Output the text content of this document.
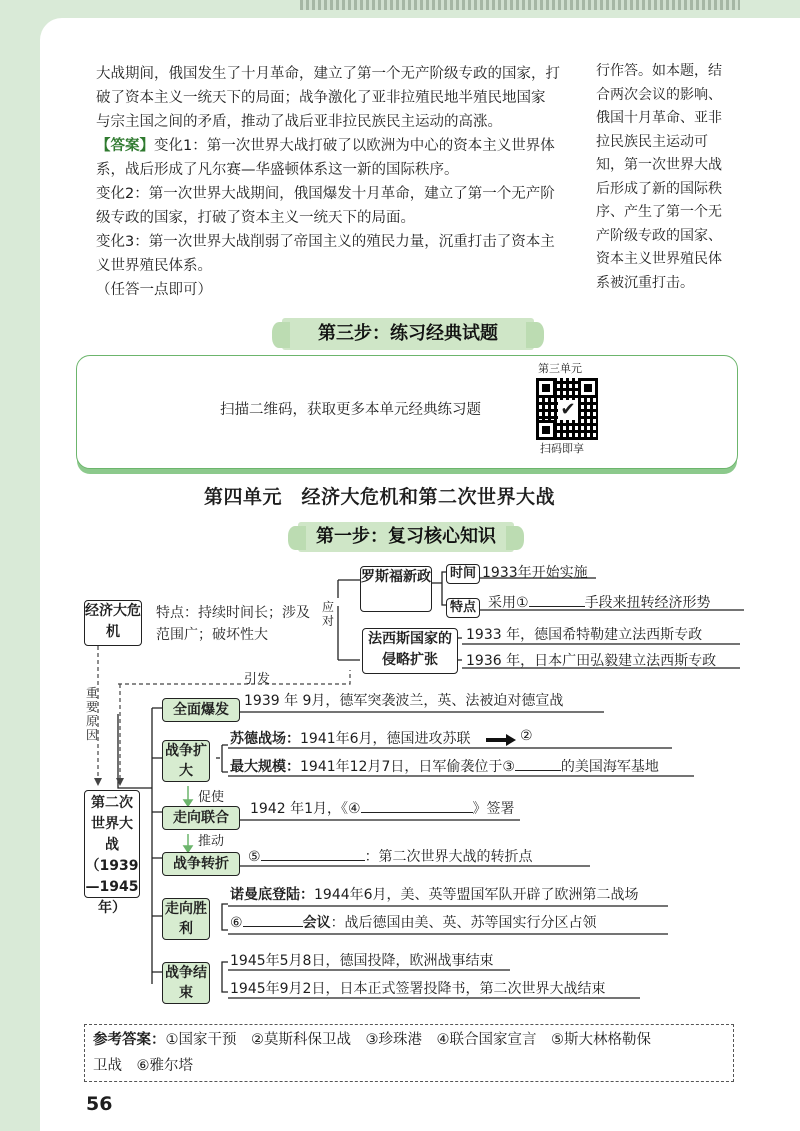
大战期间，俄国发生了十月革命，建立了第一个无产阶级专政的国家，打
破了资本主义一统天下的局面；战争激化了亚非拉殖民地半殖民地国家
与宗主国之间的矛盾，推动了战后亚非拉民族民主运动的高涨。
【答案】变化1：第一次世界大战打破了以欧洲为中心的资本主义世界体
系，战后形成了凡尔赛—华盛顿体系这一新的国际秩序。
变化2：第一次世界大战期间，俄国爆发十月革命，建立了第一个无产阶
级专政的国家，打破了资本主义一统天下的局面。
变化3：第一次世界大战削弱了帝国主义的殖民力量，沉重打击了资本主
义世界殖民体系。
（任答一点即可）
行作答。如本题，结
合两次会议的影响、
俄国十月革命、亚非
拉民族民主运动可
知，第一次世界大战
后形成了新的国际秩
序、产生了第一个无
产阶级专政的国家、
资本主义世界殖民体
系被沉重打击。
第三步：练习经典试题
扫描二维码，获取更多本单元经典练习题
第三单元
✔
扫码即享
第四单元　经济大危机和第二次世界大战
第一步：复习核心知识
经济大危机
特点：持续时间长；涉及范围广；破坏性大
应对
罗斯福新政	时间 1933年开始实施
特点 采用①	手段来扭转经济形势
法西斯国家的侵略扩张
1933 年，德国希特勒建立法西斯专政
1936 年，日本广田弘毅建立法西斯专政
引发
重要原因
第二次世界大战（1939—1945年）
全面爆发
1939 年 9月，德军突袭波兰，英、法被迫对德宣战
战争扩大
苏德战场：1941年6月，德国进攻苏联	②
最大规模：1941年12月7日，日军偷袭位于③	的美国海军基地
促使
走向联合
1942 年1月，《④	》签署
推动
战争转折	⑤	：第二次世界大战的转折点
走向胜利
诺曼底登陆：1944年6月，美、英等盟国军队开辟了欧洲第二战场
⑥	会议：战后德国由美、英、苏等国实行分区占领
战争结束
1945年5月8日，德国投降，欧洲战事结束
1945年9月2日，日本正式签署投降书，第二次世界大战结束
参考答案：①国家干预　②莫斯科保卫战　③珍珠港　④联合国家宣言　⑤斯大林格勒保
卫战　⑥雅尔塔
56
